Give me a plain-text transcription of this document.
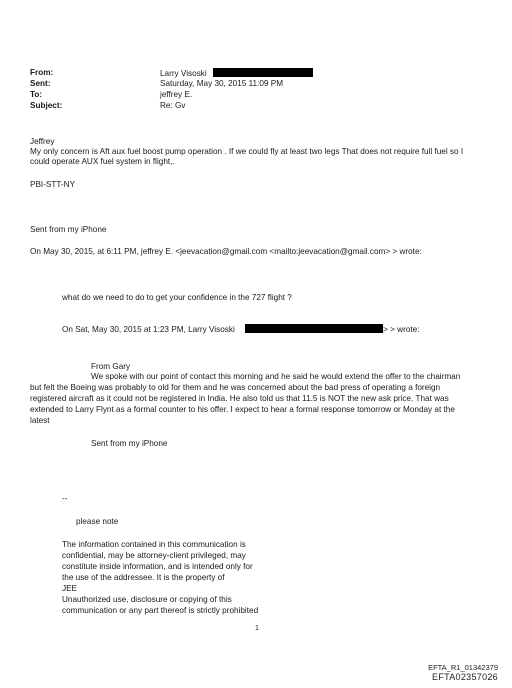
From:	Larry Visoski
Sent:	Saturday, May 30, 2015 11:09 PM
To:	jeffrey E.
Subject:	Re: Gv
Jeffrey
My only concern is Aft aux fuel boost pump operation . If we could fly at least two legs That does not require full fuel so I
could operate AUX fuel system in flight,.
PBI-STT-NY
Sent from my iPhone
On May 30, 2015, at 6:11 PM, jeffrey E. <jeevacation@gmail.com <mailto:jeevacation@gmail.com> > wrote:
what do we need to do to get your confidence in the 727 flight ?
On Sat, May 30, 2015 at 1:23 PM, Larry Visoski	> > wrote:
From Gary
We spoke with our point of contact this morning and he said he would extend the offer to the chairman
but felt the Boeing was probably to old for them and he was concerned about the bad press of operating a foreign
registered aircraft as it could not be registered in India. He also told us that 11.5 is NOT the new ask price. That was
extended to Larry Flynt as a formal counter to his offer. I expect to hear a formal response tomorrow or Monday at the
latest
Sent from my iPhone
--
please note
The information contained in this communication is
confidential, may be attorney-client privileged, may
constitute inside information, and is intended only for
the use of the addressee. It is the property of
JEE
Unauthorized use, disclosure or copying of this
communication or any part thereof is strictly prohibited
1
EFTA_R1_01342379
EFTA02357026
